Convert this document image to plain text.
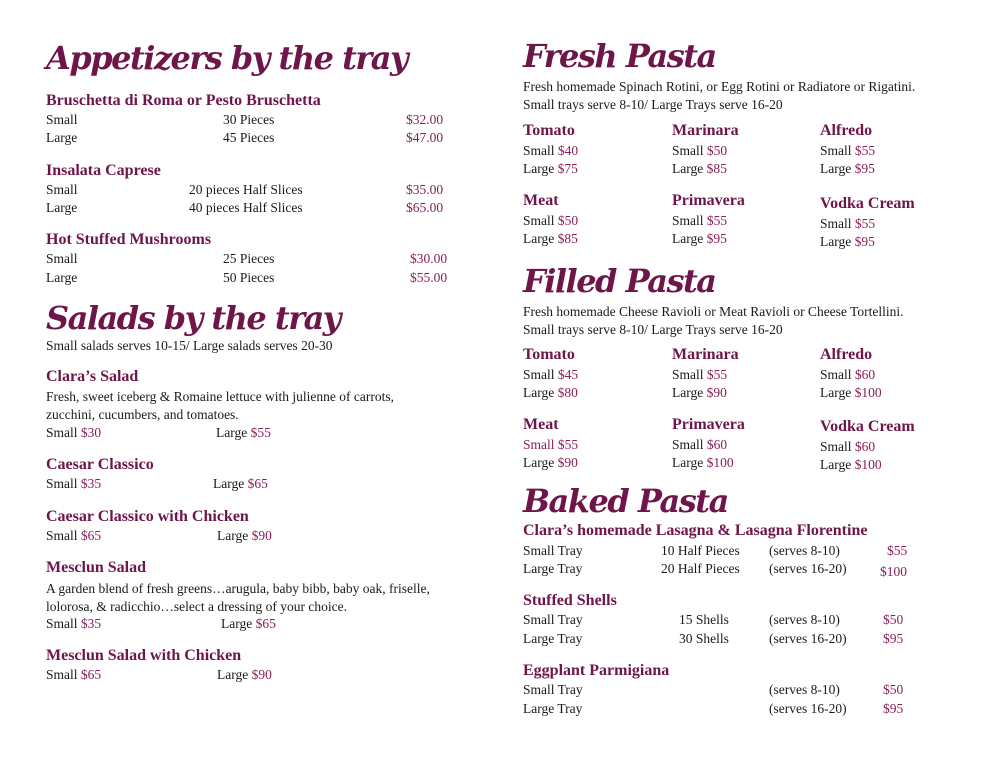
Appetizers by the tray
Bruschetta di Roma or Pesto Bruschetta
Small	30 Pieces	$32.00
Large	45 Pieces	$47.00
Insalata Caprese
Small	20 pieces Half Slices	$35.00
Large	40 pieces Half Slices	$65.00
Hot Stuffed Mushrooms
Small	25 Pieces	$30.00
Large	50 Pieces	$55.00
Salads by the tray
Small salads serves 10-15/ Large salads serves 20-30
Clara’s Salad
Fresh, sweet iceberg & Romaine lettuce with julienne of carrots, zucchini, cucumbers, and tomatoes.
Small $30	Large $55
Caesar Classico
Small $35	Large $65
Caesar Classico with Chicken
Small $65	Large $90
Mesclun Salad
A garden blend of fresh greens…arugula, baby bibb, baby oak, friselle, lolorosa, & radicchio…select a dressing of your choice.
Small $35	Large $65
Mesclun Salad with Chicken
Small $65	Large $90
Fresh Pasta
Fresh homemade Spinach Rotini, or Egg Rotini or Radiatore or Rigatini.
Small trays serve 8-10/ Large Trays serve 16-20
Tomato
Small $40
Large $75
Marinara
Small $50
Large $85
Alfredo
Small $55
Large $95
Meat
Small $50
Large $85
Primavera
Small $55
Large $95
Vodka Cream
Small $55
Large $95
Filled Pasta
Fresh homemade Cheese Ravioli or Meat Ravioli or Cheese Tortellini.
Small trays serve 8-10/ Large Trays serve 16-20
Tomato
Small $45
Large $80
Marinara
Small $55
Large $90
Alfredo
Small $60
Large $100
Meat
Small $55
Large $90
Primavera
Small $60
Large $100
Vodka Cream
Small $60
Large $100
Baked Pasta
Clara’s homemade Lasagna & Lasagna Florentine
Small Tray	10 Half Pieces (serves 8-10)	$55
Large Tray	20 Half Pieces (serves 16-20) $100
Stuffed Shells
Small Tray	15 Shells	(serves 8-10)	$50
Large Tray	30 Shells	(serves 16-20)	$95
Eggplant Parmigiana
Small Tray	(serves 8-10)	$50
Large Tray	(serves 16-20)	$95
